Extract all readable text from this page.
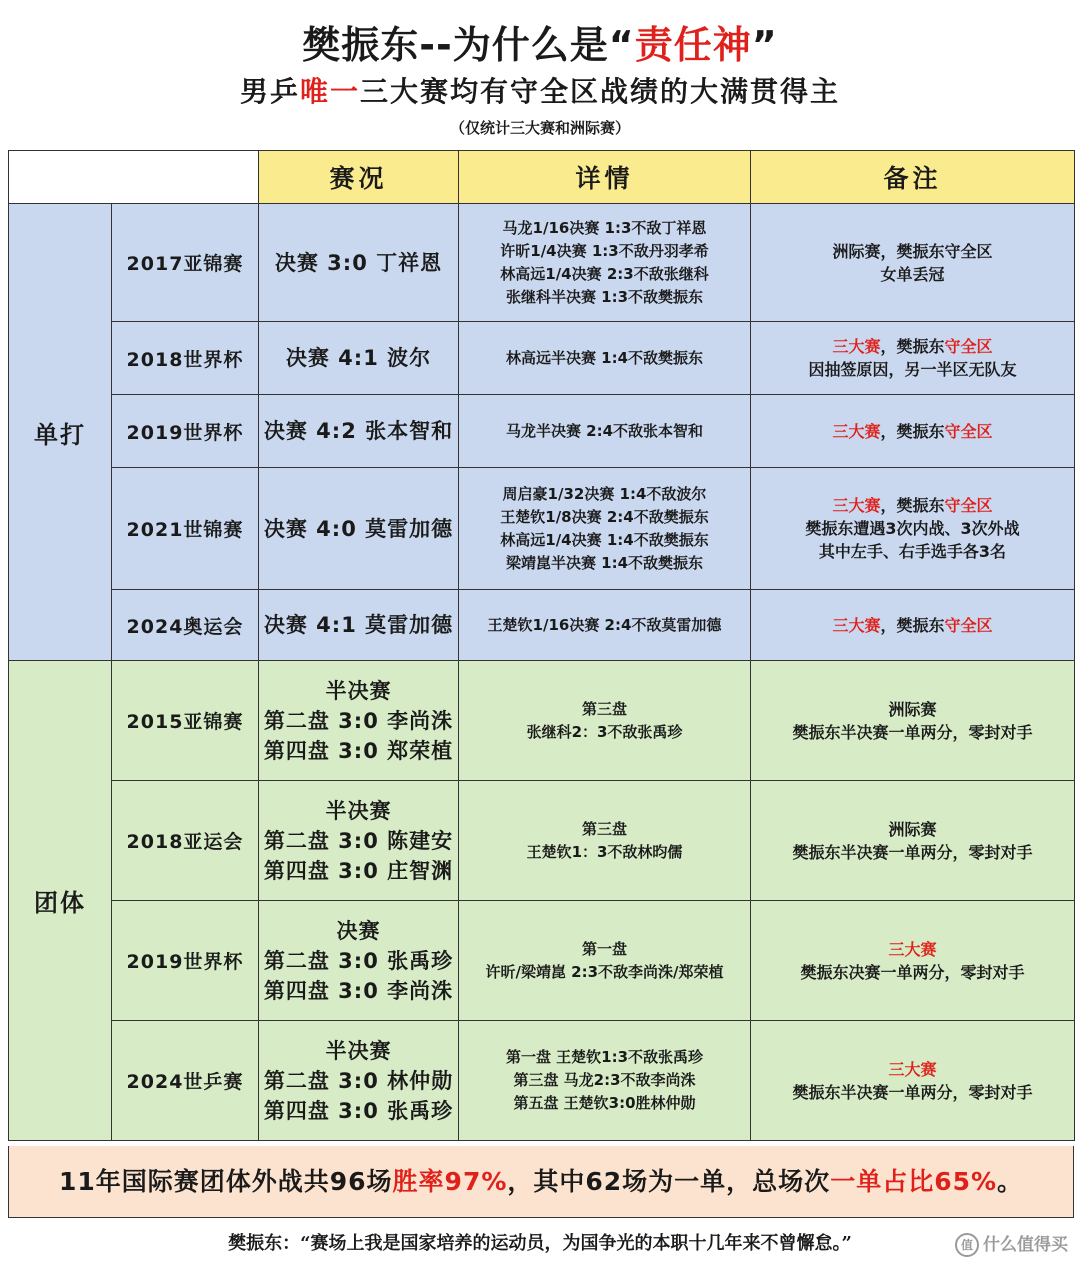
樊振东--为什么是“责任神”
男乒唯一三大赛均有守全区战绩的大满贯得主
（仅统计三大赛和洲际赛）
		赛况	详情	备注
单打	2017亚锦赛	决赛 3:0 丁祥恩	马龙1/16决赛 1:3不敌丁祥恩
许昕1/4决赛 1:3不敌丹羽孝希
林高远1/4决赛 2:3不敌张继科
张继科半决赛 1:3不敌樊振东	洲际赛，樊振东守全区
女单丢冠

	2018世界杯	决赛 4:1 波尔	林高远半决赛 1:4不敌樊振东	三大赛，樊振东守全区
因抽签原因，另一半区无队友

	2019世界杯	决赛 4:2 张本智和	马龙半决赛 2:4不敌张本智和	三大赛，樊振东守全区

	2021世锦赛	决赛 4:0 莫雷加德	周启豪1/32决赛 1:4不敌波尔
王楚钦1/8决赛 2:4不敌樊振东
林高远1/4决赛 1:4不敌樊振东
梁靖崑半决赛 1:4不敌樊振东	三大赛，樊振东守全区
樊振东遭遇3次内战、3次外战
其中左手、右手选手各3名

	2024奥运会	决赛 4:1 莫雷加德	王楚钦1/16决赛 2:4不敌莫雷加德	三大赛，樊振东守全区

团体	2015亚锦赛	半决赛
第二盘 3:0 李尚洙
第四盘 3:0 郑荣植	第三盘
张继科2：3不敌张禹珍	洲际赛
樊振东半决赛一单两分，零封对手

	2018亚运会	半决赛
第二盘 3:0 陈建安
第四盘 3:0 庄智渊	第三盘
王楚钦1：3不敌林昀儒	洲际赛
樊振东半决赛一单两分，零封对手

	2019世界杯	决赛
第二盘 3:0 张禹珍
第四盘 3:0 李尚洙	第一盘
许昕/梁靖崑 2:3不敌李尚洙/郑荣植	三大赛
樊振东决赛一单两分，零封对手

	2024世乒赛	半决赛
第二盘 3:0 林仲勋
第四盘 3:0 张禹珍	第一盘 王楚钦1:3不敌张禹珍
第三盘 马龙2:3不敌李尚洙
第五盘 王楚钦3:0胜林仲勋	三大赛
樊振东半决赛一单两分，零封对手
11年国际赛团体外战共96场胜率97%，其中62场为一单，总场次一单占比65%。
樊振东：“赛场上我是国家培养的运动员，为国争光的本职十几年来不曾懈怠。”	值 什么值得买
